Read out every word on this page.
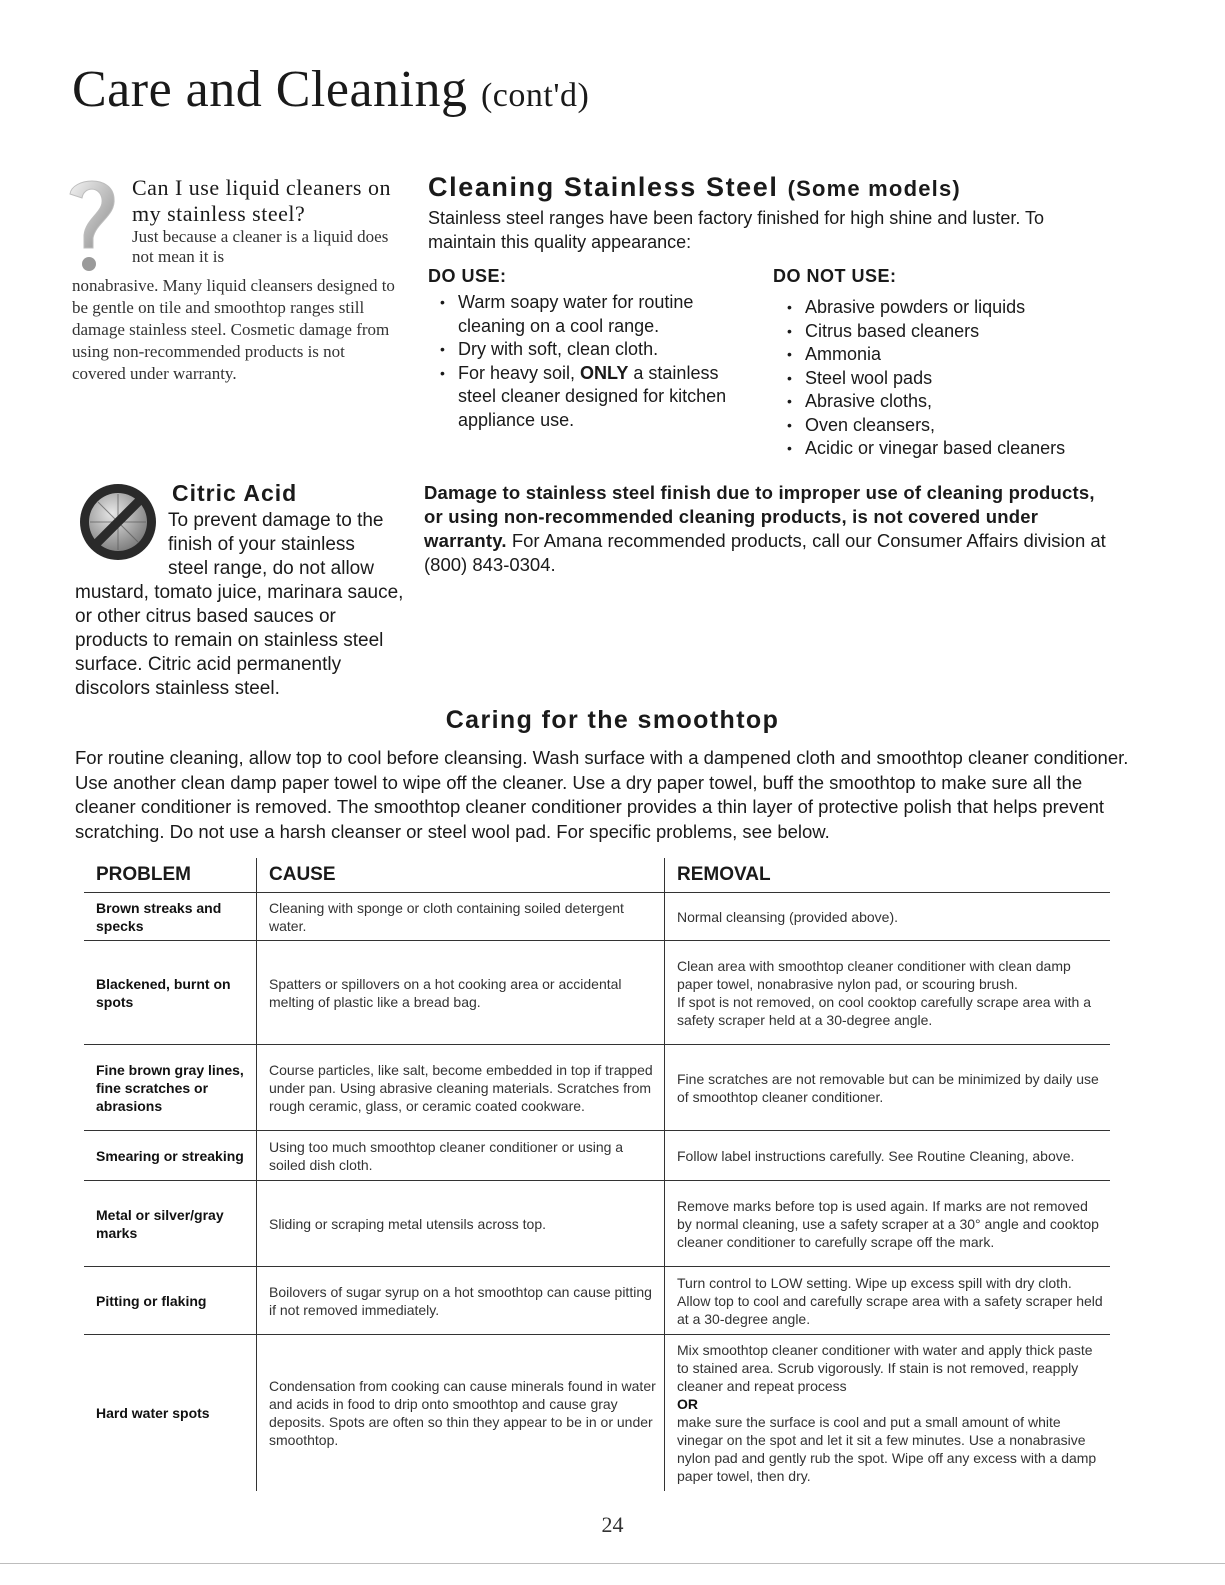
Care and Cleaning (cont'd)
Can I use liquid cleaners on my stainless steel?
Just because a cleaner is a liquid does not mean it is
nonabrasive. Many liquid cleansers designed to be gentle on tile and smoothtop ranges still damage stainless steel. Cosmetic damage from using non-recommended products is not covered under warranty.
Cleaning Stainless Steel (Some models)
Stainless steel ranges have been factory finished for high shine and luster. To maintain this quality appearance:
DO USE:
• Warm soapy water for routine cleaning on a cool range.
• Dry with soft, clean cloth.
• For heavy soil, ONLY a stainless steel cleaner designed for kitchen appliance use.
DO NOT USE:
• Abrasive powders or liquids
• Citrus based cleaners
• Ammonia
• Steel wool pads
• Abrasive cloths,
• Oven cleansers,
• Acidic or vinegar based cleaners
Citric Acid
To prevent damage to the finish of your stainless steel range, do not allow
mustard, tomato juice, marinara sauce, or other citrus based sauces or products to remain on stainless steel surface. Citric acid permanently discolors stainless steel.
Damage to stainless steel finish due to improper use of cleaning products, or using non-recommended cleaning products, is not covered under warranty. For Amana recommended products, call our Consumer Affairs division at (800) 843-0304.
Caring for the smoothtop
For routine cleaning, allow top to cool before cleansing. Wash surface with a dampened cloth and smoothtop cleaner conditioner. Use another clean damp paper towel to wipe off the cleaner. Use a dry paper towel, buff the smoothtop to make sure all the cleaner conditioner is removed. The smoothtop cleaner conditioner provides a thin layer of protective polish that helps prevent scratching. Do not use a harsh cleanser or steel wool pad. For specific problems, see below.
PROBLEM	CAUSE	REMOVAL
Brown streaks and specks	Cleaning with sponge or cloth containing soiled detergent water.	Normal cleansing (provided above).
Blackened, burnt on spots	Spatters or spillovers on a hot cooking area or accidental melting of plastic like a bread bag.	Clean area with smoothtop cleaner conditioner with clean damp paper towel, nonabrasive nylon pad, or scouring brush.
If spot is not removed, on cool cooktop carefully scrape area with a safety scraper held at a 30-degree angle.
Fine brown gray lines, fine scratches or abrasions	Course particles, like salt, become embedded in top if trapped under pan. Using abrasive cleaning materials. Scratches from rough ceramic, glass, or ceramic coated cookware.	Fine scratches are not removable but can be minimized by daily use of smoothtop cleaner conditioner.
Smearing or streaking	Using too much smoothtop cleaner conditioner or using a soiled dish cloth.	Follow label instructions carefully. See Routine Cleaning, above.
Metal or silver/gray marks	Sliding or scraping metal utensils across top.	Remove marks before top is used again. If marks are not removed by normal cleaning, use a safety scraper at a 30° angle and cooktop cleaner conditioner to carefully scrape off the mark.
Pitting or flaking	Boilovers of sugar syrup on a hot smoothtop can cause pitting if not removed immediately.	Turn control to LOW setting. Wipe up excess spill with dry cloth. Allow top to cool and carefully scrape area with a safety scraper held at a 30-degree angle.
Hard water spots	Condensation from cooking can cause minerals found in water and acids in food to drip onto smoothtop and cause gray deposits. Spots are often so thin they appear to be in or under smoothtop.	Mix smoothtop cleaner conditioner with water and apply thick paste to stained area. Scrub vigorously. If stain is not removed, reapply cleaner and repeat process
OR
make sure the surface is cool and put a small amount of white vinegar on the spot and let it sit a few minutes. Use a nonabrasive nylon pad and gently rub the spot. Wipe off any excess with a damp paper towel, then dry.
24
